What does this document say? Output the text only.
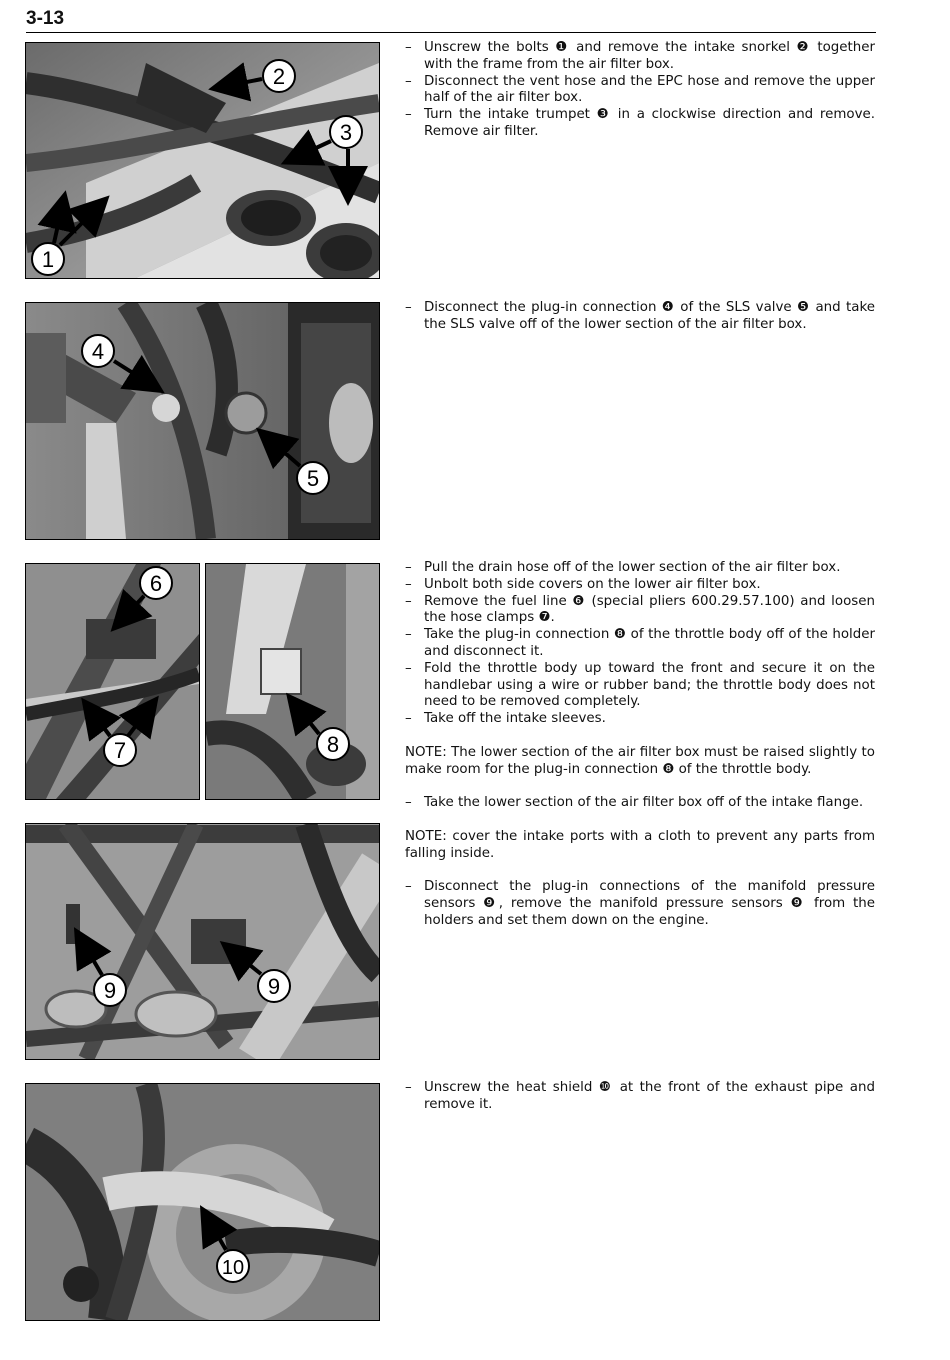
3-13
2
3
1
– Unscrew the bolts ❶ and remove the intake snorkel ❷ together with the frame from the air filter box.
– Disconnect the vent hose and the EPC hose and remove the upper half of the air filter box.
– Turn the intake trumpet ❸ in a clockwise direction and remove. Remove air filter.
4
5
– Disconnect the plug-in connection ❹ of the SLS valve ❺ and take the SLS valve off of the lower section of the air filter box.
6
7	8
– Pull the drain hose off of the lower section of the air filter box.
– Unbolt both side covers on the lower air filter box.
– Remove the fuel line ❻ (special pliers 600.29.57.100) and loosen the hose clamps ❼.
– Take the plug-in connection ❽ of the throttle body off of the holder and disconnect it.
– Fold the throttle body up toward the front and secure it on the handlebar using a wire or rubber band; the throttle body does not need to be removed completely.
– Take off the intake sleeves.

NOTE: The lower section of the air filter box must be raised slightly to make room for the plug-in connection ❽ of the throttle body.

– Take the lower section of the air filter box off of the intake flange.

NOTE: cover the intake ports with a cloth to prevent any parts from falling inside.

– Disconnect the plug-in connections of the manifold pressure sensors ❾, remove the manifold pressure sensors ❾ from the holders and set them down on the engine.
9	9
10
– Unscrew the heat shield ❿ at the front of the exhaust pipe and remove it.
